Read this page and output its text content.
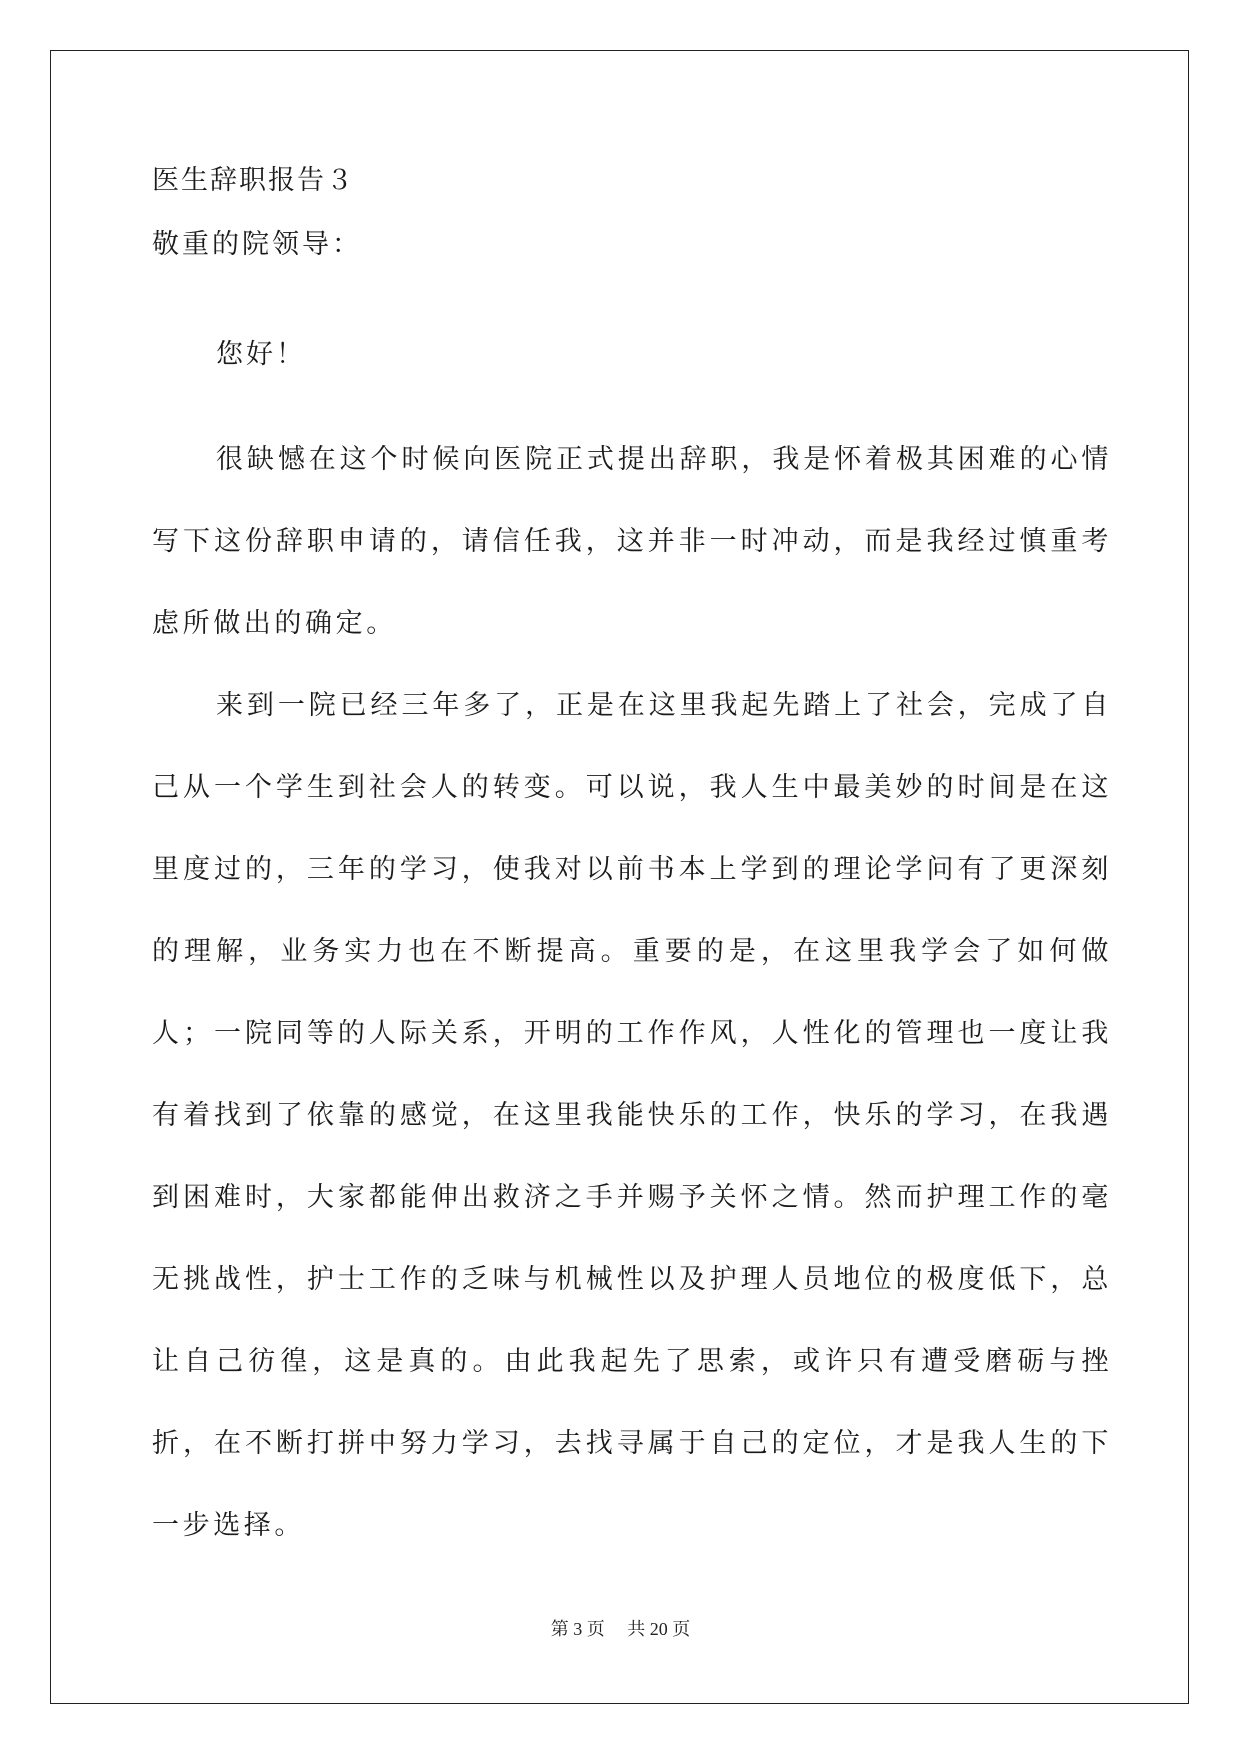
医生辞职报告３

敬重的院领导：

您好！

很缺憾在这个时候向医院正式提出辞职，我是怀着极其困难的心情写下这份辞职申请的，请信任我，这并非一时冲动，而是我经过慎重考虑所做出的确定。

来到一院已经三年多了，正是在这里我起先踏上了社会，完成了自己从一个学生到社会人的转变。可以说，我人生中最美妙的时间是在这里度过的，三年的学习，使我对以前书本上学到的理论学问有了更深刻的理解，业务实力也在不断提高。重要的是，在这里我学会了如何做人；一院同等的人际关系，开明的工作作风，人性化的管理也一度让我有着找到了依靠的感觉，在这里我能快乐的工作，快乐的学习，在我遇到困难时，大家都能伸出救济之手并赐予关怀之情。然而护理工作的毫无挑战性，护士工作的乏味与机械性以及护理人员地位的极度低下，总让自己彷徨，这是真的。由此我起先了思索，或许只有遭受磨砺与挫折，在不断打拼中努力学习，去找寻属于自己的定位，才是我人生的下一步选择。

第 3 页　 共 20 页
